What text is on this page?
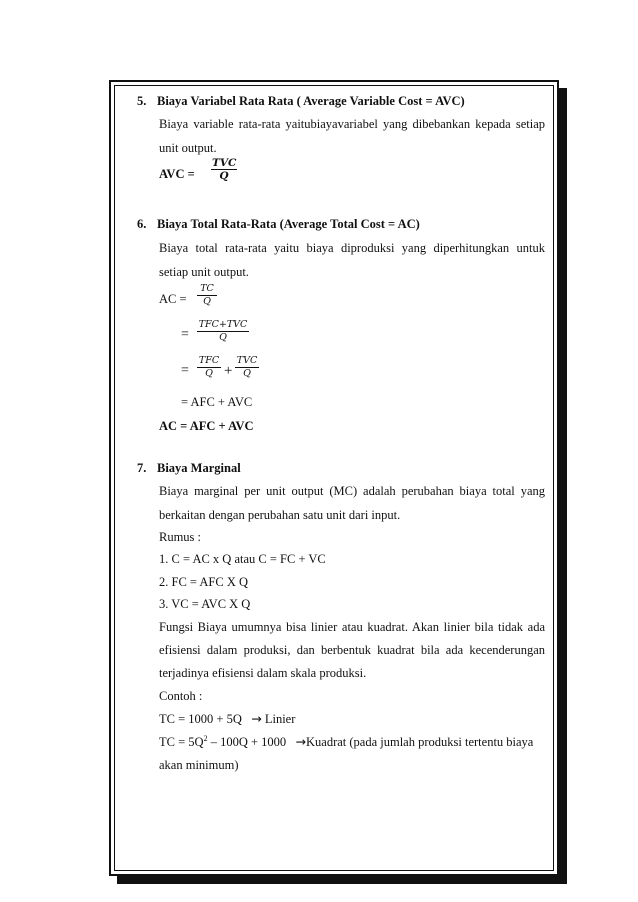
5. Biaya Variabel Rata Rata ( Average Variable Cost = AVC)
Biaya variable rata-rata yaitubiayavariabel yang dibebankan kepada setiap
unit output.
AVC =
TVC
Q
6. Biaya Total Rata-Rata (Average Total Cost = AC)
Biaya total rata-rata yaitu biaya diproduksi yang diperhitungkan untuk
setiap unit output.
AC = $\frac{TC}{Q}$
=
TFC+TVC
Q
=
TFC
Q +
TVC
Q
= AFC + AVC
AC = AFC + AVC
7. Biaya Marginal
Biaya marginal per unit output (MC) adalah perubahan biaya total yang
berkaitan dengan perubahan satu unit dari input.
Rumus :
1. C = AC x Q atau C = FC + VC
2. FC = AFC X Q
3. VC = AVC X Q
Fungsi Biaya umumnya bisa linier atau kuadrat. Akan linier bila tidak ada
efisiensi dalam produksi, dan berbentuk kuadrat bila ada kecenderungan
terjadinya efisiensi dalam skala produksi.
Contoh :
TC = 1000 + 5Q → Linier
TC = $5Q^2 - 100Q + 1000$ →Kuadrat (pada jumlah produksi tertentu biaya
akan minimum)
